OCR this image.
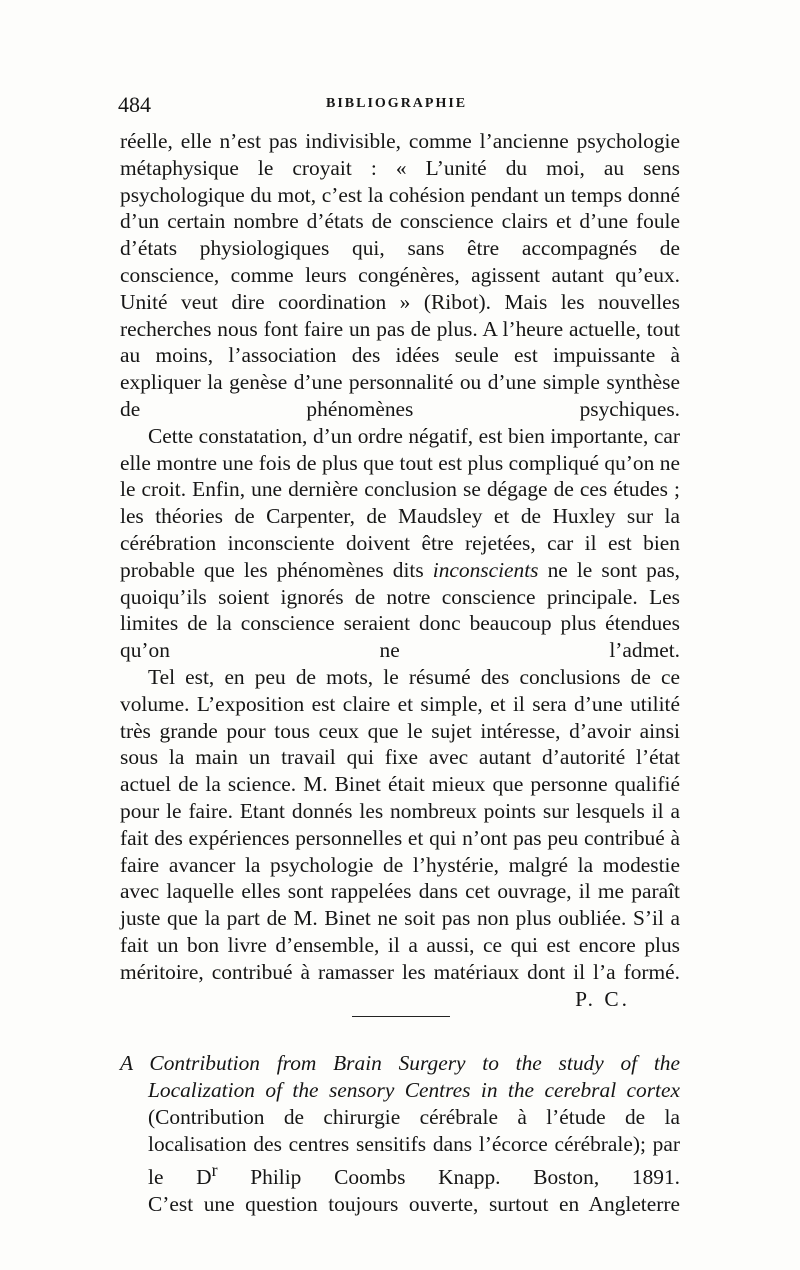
484	BIBLIOGRAPHIE

réelle, elle n’est pas indivisible, comme l’ancienne psychologie métaphysique le croyait : « L’unité du moi, au sens psychologique du mot, c’est la cohésion pendant un temps donné d’un certain nombre d’états de conscience clairs et d’une foule d’états physiologiques qui, sans être accompagnés de conscience, comme leurs congénères, agissent autant qu’eux. Unité veut dire coordination » (Ribot). Mais les nouvelles recherches nous font faire un pas de plus. A l’heure actuelle, tout au moins, l’association des idées seule est impuissante à expliquer la genèse d’une personnalité ou d’une simple synthèse de phénomènes psychiques.

Cette constatation, d’un ordre négatif, est bien importante, car elle montre une fois de plus que tout est plus compliqué qu’on ne le croit. Enfin, une dernière conclusion se dégage de ces études ; les théories de Carpenter, de Maudsley et de Huxley sur la cérébration inconsciente doivent être rejetées, car il est bien probable que les phénomènes dits inconscients ne le sont pas, quoiqu’ils soient ignorés de notre conscience principale. Les limites de la conscience seraient donc beaucoup plus étendues qu’on ne l’admet.

Tel est, en peu de mots, le résumé des conclusions de ce volume. L’exposition est claire et simple, et il sera d’une utilité très grande pour tous ceux que le sujet intéresse, d’avoir ainsi sous la main un travail qui fixe avec autant d’autorité l’état actuel de la science. M. Binet était mieux que personne qualifié pour le faire. Etant donnés les nombreux points sur lesquels il a fait des expériences personnelles et qui n’ont pas peu contribué à faire avancer la psychologie de l’hystérie, malgré la modestie avec laquelle elles sont rappelées dans cet ouvrage, il me paraît juste que la part de M. Binet ne soit pas non plus oubliée. S’il a fait un bon livre d’ensemble, il a aussi, ce qui est encore plus méritoire, contribué à ramasser les matériaux dont il l’a formé.

P. C.

A Contribution from Brain Surgery to the study of the Localization of the sensory Centres in the cerebral cortex (Contribution de chirurgie cérébrale à l’étude de la localisation des centres sensitifs dans l’écorce cérébrale); par le $D^r$ Philip Coombs Knapp. Boston, 1891.

C’est une question toujours ouverte, surtout en Angleterre
